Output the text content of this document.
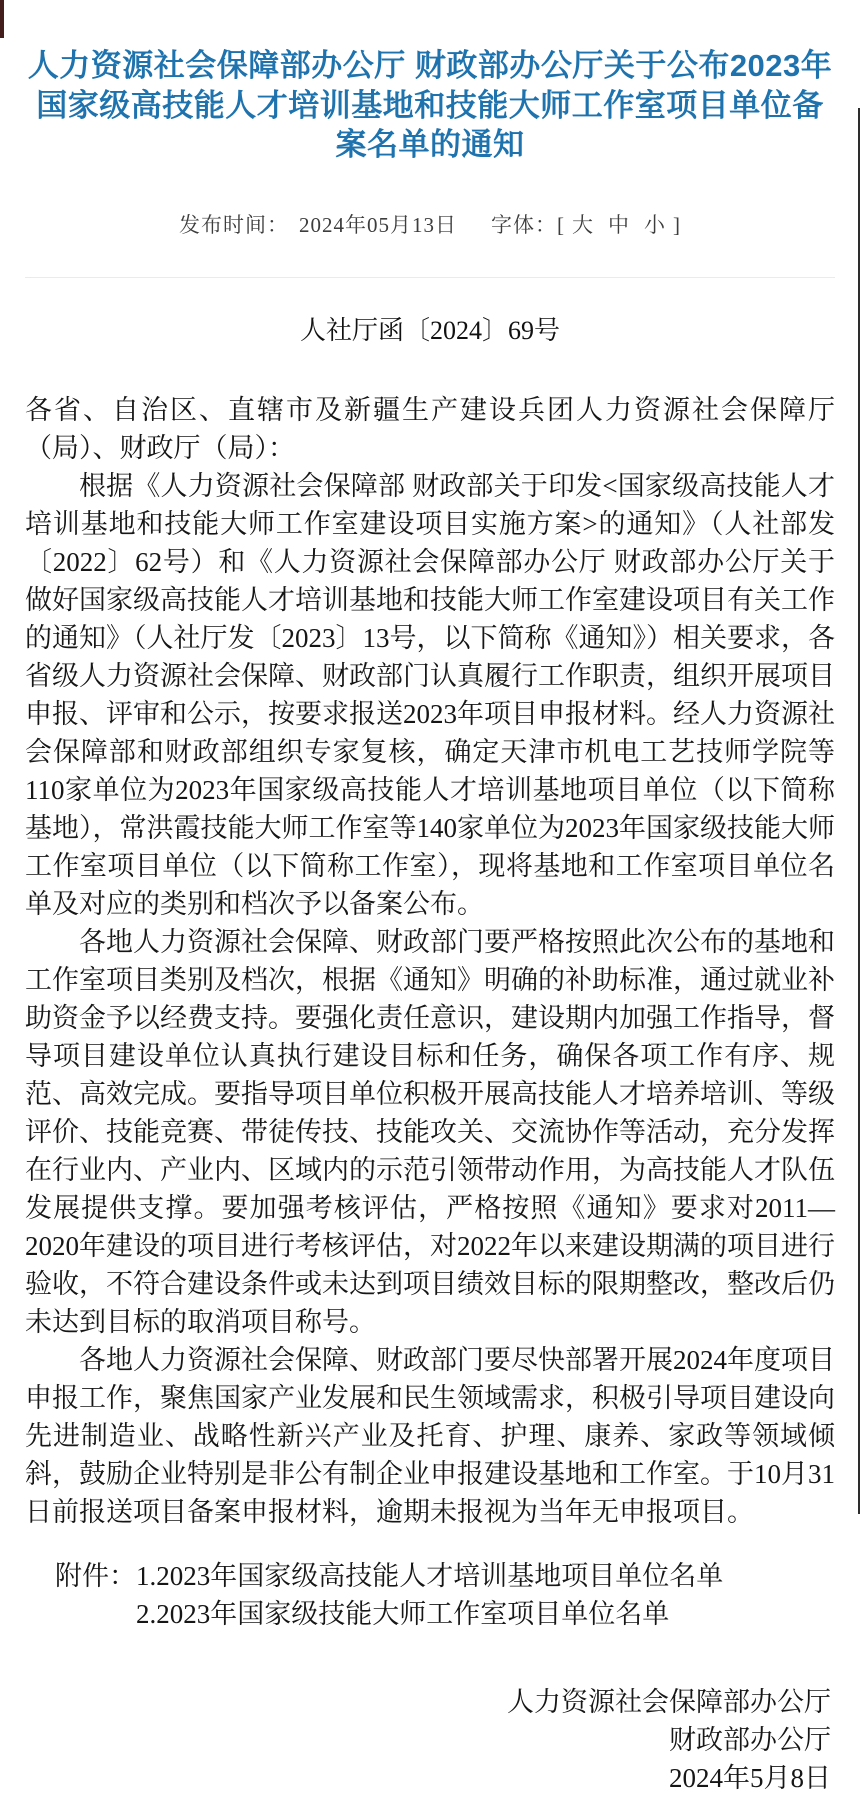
人力资源社会保障部办公厅 财政部办公厅关于公布2023年国家级高技能人才培训基地和技能大师工作室项目单位备案名单的通知
发布时间： 2024年05月13日 字体：[ 大 中 小 ]
人社厅函〔2024〕69号

各省、自治区、直辖市及新疆生产建设兵团人力资源社会保障厅（局）、财政厅（局）：

根据《人力资源社会保障部 财政部关于印发<国家级高技能人才培训基地和技能大师工作室建设项目实施方案>的通知》（人社部发〔2022〕62号）和《人力资源社会保障部办公厅 财政部办公厅关于做好国家级高技能人才培训基地和技能大师工作室建设项目有关工作的通知》（人社厅发〔2023〕13号，以下简称《通知》）相关要求，各省级人力资源社会保障、财政部门认真履行工作职责，组织开展项目申报、评审和公示，按要求报送2023年项目申报材料。经人力资源社会保障部和财政部组织专家复核，确定天津市机电工艺技师学院等110家单位为2023年国家级高技能人才培训基地项目单位（以下简称基地），常洪霞技能大师工作室等140家单位为2023年国家级技能大师工作室项目单位（以下简称工作室），现将基地和工作室项目单位名单及对应的类别和档次予以备案公布。

各地人力资源社会保障、财政部门要严格按照此次公布的基地和工作室项目类别及档次，根据《通知》明确的补助标准，通过就业补助资金予以经费支持。要强化责任意识，建设期内加强工作指导，督导项目建设单位认真执行建设目标和任务，确保各项工作有序、规范、高效完成。要指导项目单位积极开展高技能人才培养培训、等级评价、技能竞赛、带徒传技、技能攻关、交流协作等活动，充分发挥在行业内、产业内、区域内的示范引领带动作用，为高技能人才队伍发展提供支撑。要加强考核评估，严格按照《通知》要求对2011—2020年建设的项目进行考核评估，对2022年以来建设期满的项目进行验收，不符合建设条件或未达到项目绩效目标的限期整改，整改后仍未达到目标的取消项目称号。

各地人力资源社会保障、财政部门要尽快部署开展2024年度项目申报工作，聚焦国家产业发展和民生领域需求，积极引导项目建设向先进制造业、战略性新兴产业及托育、护理、康养、家政等领域倾斜，鼓励企业特别是非公有制企业申报建设基地和工作室。于10月31日前报送项目备案申报材料，逾期未报视为当年无申报项目。

附件： 1.2023年国家级高技能人才培训基地项目单位名单
2.2023年国家级技能大师工作室项目单位名单
人力资源社会保障部办公厅
财政部办公厅
2024年5月8日
